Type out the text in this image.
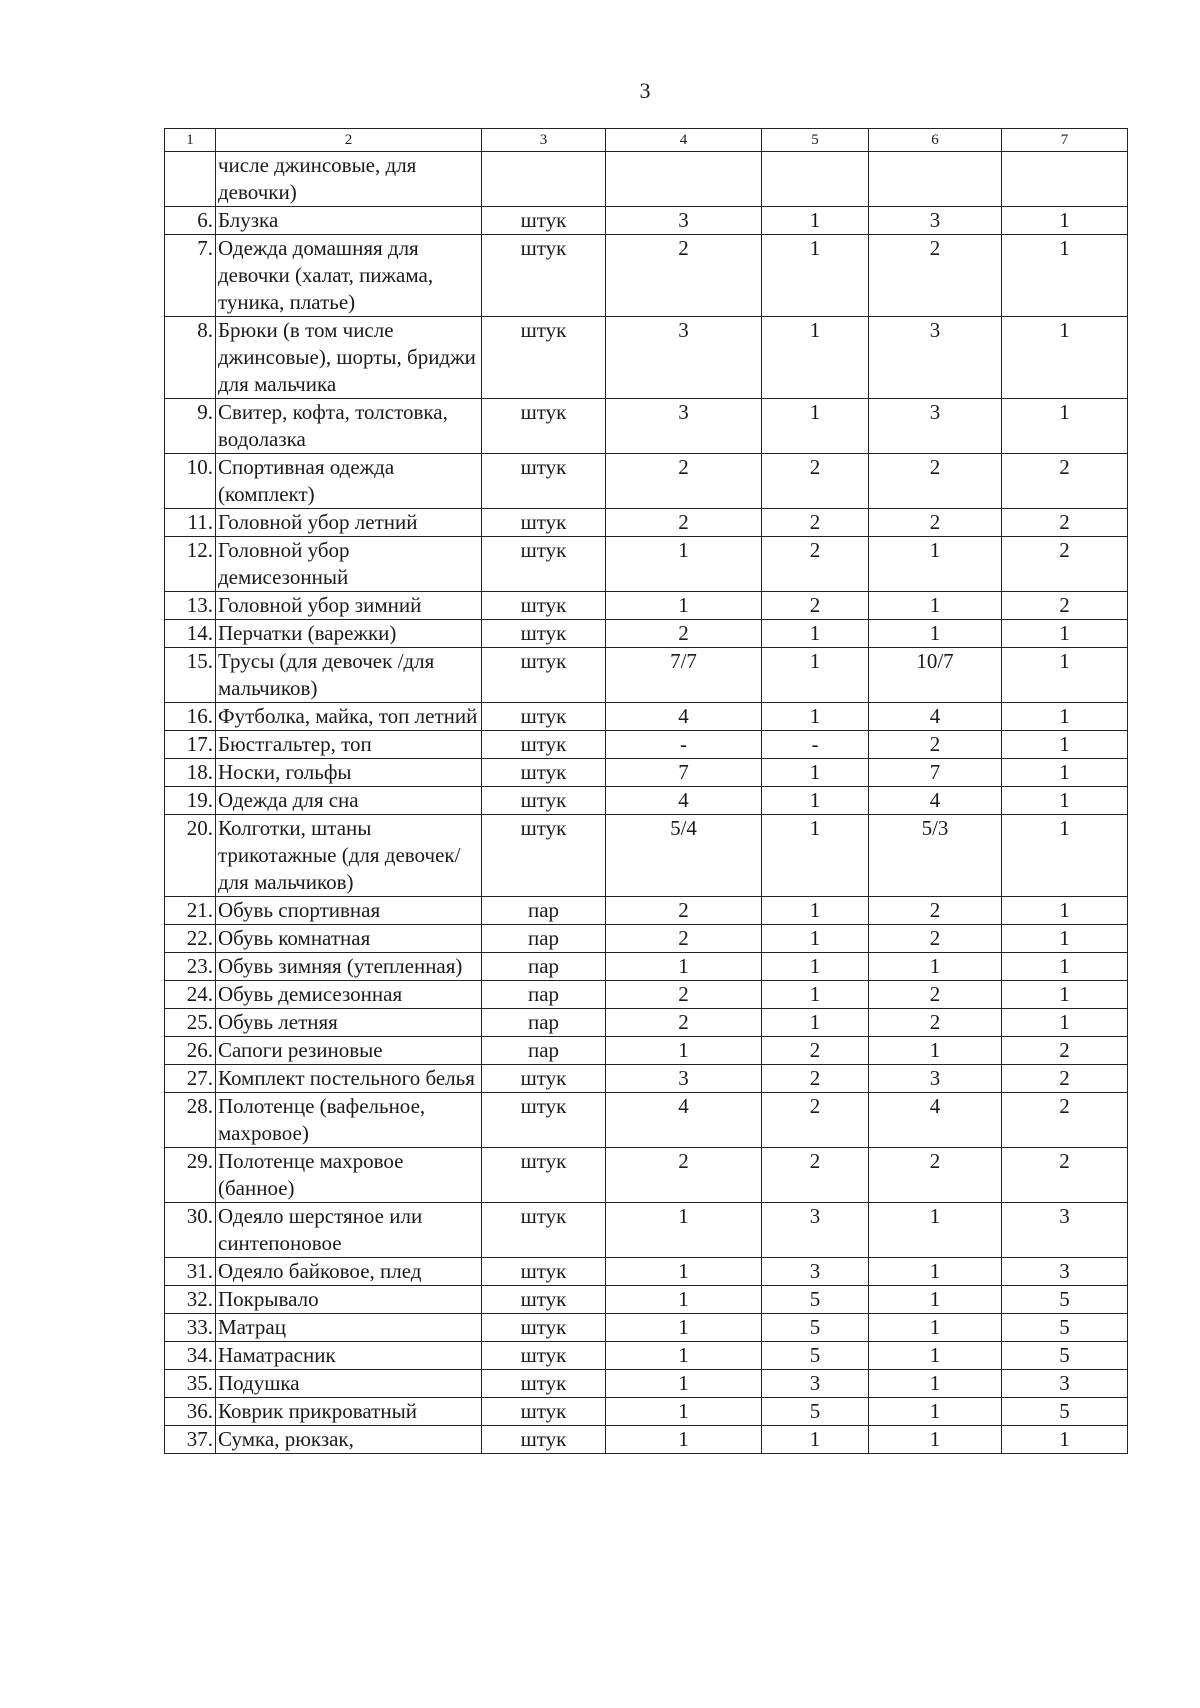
3
1	2	3	4	5	6	7
	числе джинсовые, для девочки)					
6.	Блузка	штук	3	1	3	1
7.	Одежда домашняя для девочки (халат, пижама, туника, платье)	штук	2	1	2	1
8.	Брюки (в том числе джинсовые), шорты, бриджи для мальчика	штук	3	1	3	1
9.	Свитер, кофта, толстовка, водолазка	штук	3	1	3	1
10.	Спортивная одежда (комплект)	штук	2	2	2	2
11.	Головной убор летний	штук	2	2	2	2
12.	Головной убор демисезонный	штук	1	2	1	2
13.	Головной убор зимний	штук	1	2	1	2
14.	Перчатки (варежки)	штук	2	1	1	1
15.	Трусы (для девочек /для мальчиков)	штук	7/7	1	10/7	1
16.	Футболка, майка, топ летний	штук	4	1	4	1
17.	Бюстгальтер, топ	штук	-	-	2	1
18.	Носки, гольфы	штук	7	1	7	1
19.	Одежда для сна	штук	4	1	4	1
20.	Колготки, штаны трикотажные (для девочек/для мальчиков)	штук	5/4	1	5/3	1
21.	Обувь спортивная	пар	2	1	2	1
22.	Обувь комнатная	пар	2	1	2	1
23.	Обувь зимняя (утепленная)	пар	1	1	1	1
24.	Обувь демисезонная	пар	2	1	2	1
25.	Обувь летняя	пар	2	1	2	1
26.	Сапоги резиновые	пар	1	2	1	2
27.	Комплект постельного белья	штук	3	2	3	2
28.	Полотенце (вафельное, махровое)	штук	4	2	4	2
29.	Полотенце махровое (банное)	штук	2	2	2	2
30.	Одеяло шерстяное или синтепоновое	штук	1	3	1	3
31.	Одеяло байковое, плед	штук	1	3	1	3
32.	Покрывало	штук	1	5	1	5
33.	Матрац	штук	1	5	1	5
34.	Наматрасник	штук	1	5	1	5
35.	Подушка	штук	1	3	1	3
36.	Коврик прикроватный	штук	1	5	1	5
37.	Сумка, рюкзак,	штук	1	1	1	1
